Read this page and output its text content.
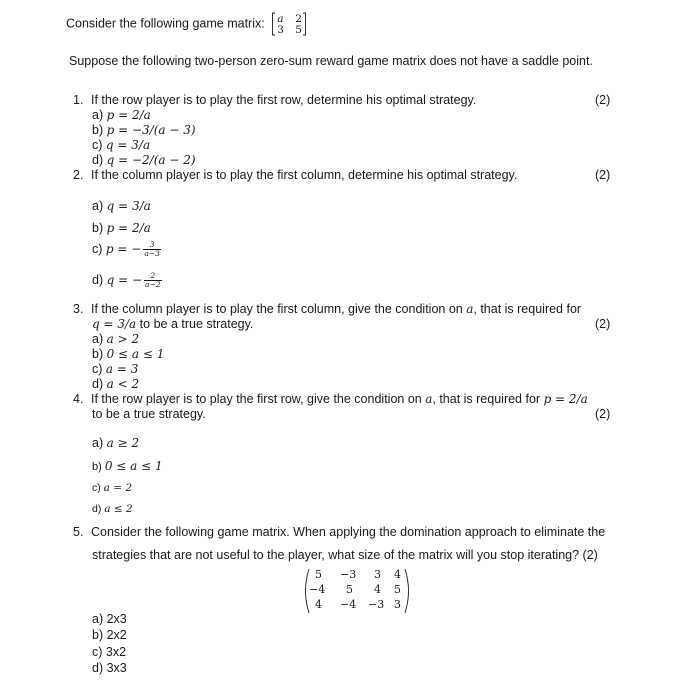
Consider the following game matrix: a 2
3 5
Suppose the following two-person zero-sum reward game matrix does not have a saddle point.
1. If the row player is to play the first row, determine his optimal strategy.	(2)
a) p = 2/a
b) p = −3/(a − 3)
c) q = 3/a
d) q = −2/(a − 2)
2. If the column player is to play the first column, determine his optimal strategy.	(2)
a) q = 3/a
b) p = 2/a
c) p = − $\frac{3}{a-3}$
d) q = − $\frac{2}{a-2}$
3. If the column player is to play the first column, give the condition on a, that is required for
q = 3/a to be a true strategy.	(2)
a) a > 2
b) 0 ≤ a ≤ 1
c) a = 3
d) a < 2
4. If the row player is to play the first row, give the condition on a, that is required for p = 2/a
to be a true strategy.	(2)
a) a ≥ 2
b) 0 ≤ a ≤ 1
c) a = 2
d) a ≤ 2
5. Consider the following game matrix. When applying the domination approach to eliminate the
strategies that are not useful to the player, what size of the matrix will you stop iterating? (2)
5 −3 3 4
−4 5 4 5
4 −4 −3 3
a) 2x3
b) 2x2
c) 3x2
d) 3x3
